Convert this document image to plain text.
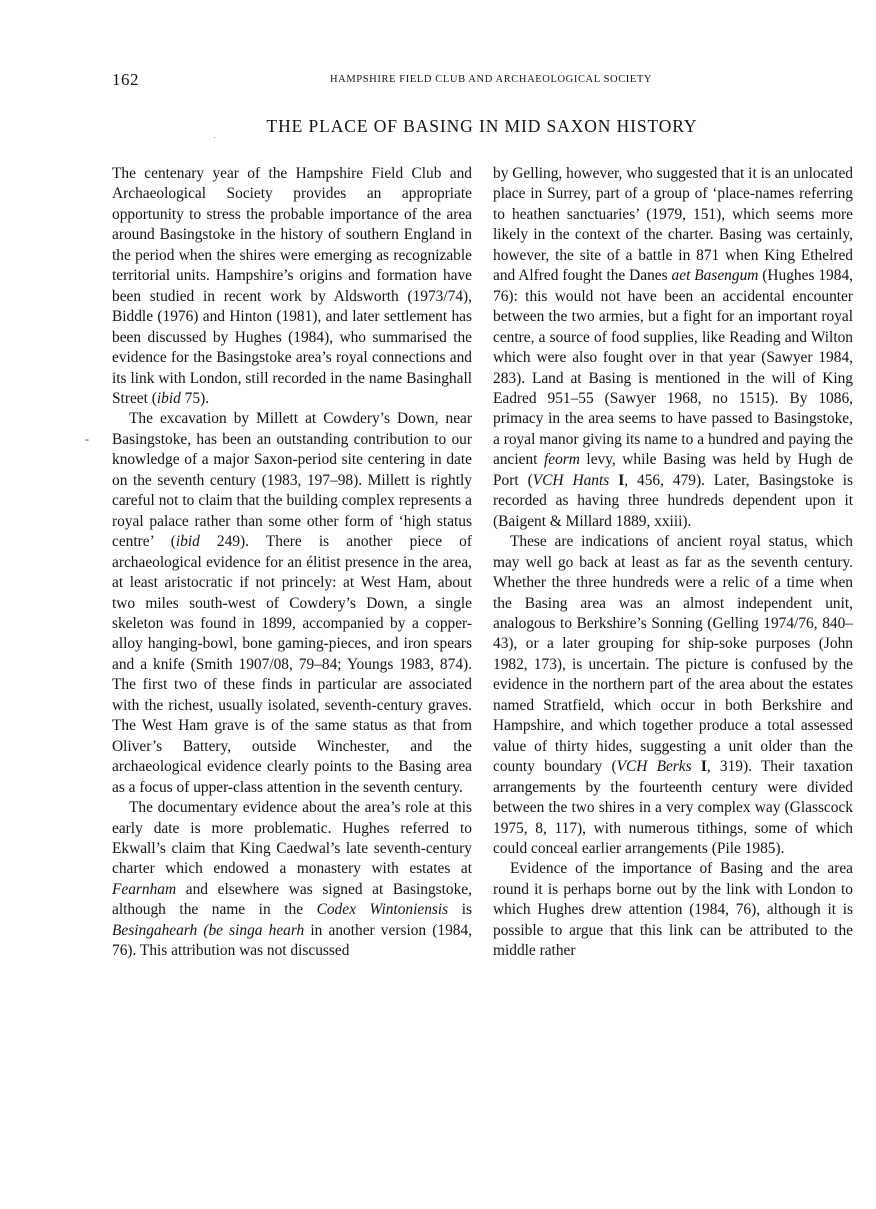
162	HAMPSHIRE FIELD CLUB AND ARCHAEOLOGICAL SOCIETY
THE PLACE OF BASING IN MID SAXON HISTORY
-

The centenary year of the Hampshire Field Club and Archaeological Society provides an appropriate opportunity to stress the probable importance of the area around Basingstoke in the history of southern England in the period when the shires were emerging as recognizable territorial units. Hampshire’s origins and formation have been studied in recent work by Aldsworth (1973/74), Biddle (1976) and Hinton (1981), and later settlement has been discussed by Hughes (1984), who summarised the evidence for the Basingstoke area’s royal connections and its link with London, still recorded in the name Basinghall Street (ibid 75).

The excavation by Millett at Cowdery’s Down, near Basingstoke, has been an outstanding contribution to our knowledge of a major Saxon-period site centering in date on the seventh century (1983, 197–98). Millett is rightly careful not to claim that the building complex represents a royal palace rather than some other form of ‘high status centre’ (ibid 249). There is another piece of archaeological evidence for an élitist presence in the area, at least aristocratic if not princely: at West Ham, about two miles south-west of Cowdery’s Down, a single skeleton was found in 1899, accompanied by a copper-alloy hanging-bowl, bone gaming-pieces, and iron spears and a knife (Smith 1907/08, 79–84; Youngs 1983, 874). The first two of these finds in particular are associated with the richest, usually isolated, seventh-century graves. The West Ham grave is of the same status as that from Oliver’s Battery, outside Winchester, and the archaeological evidence clearly points to the Basing area as a focus of upper-class attention in the seventh century.

The documentary evidence about the area’s role at this early date is more problematic. Hughes referred to Ekwall’s claim that King Caedwal’s late seventh-century charter which endowed a monastery with estates at Fearnham and elsewhere was signed at Basingstoke, although the name in the Codex Wintoniensis is Besingahearh (be singa hearh in another version (1984, 76). This attribution was not discussed

by Gelling, however, who suggested that it is an unlocated place in Surrey, part of a group of ‘place-names referring to heathen sanctuaries’ (1979, 151), which seems more likely in the context of the charter. Basing was certainly, however, the site of a battle in 871 when King Ethelred and Alfred fought the Danes aet Basengum (Hughes 1984, 76): this would not have been an accidental encounter between the two armies, but a fight for an important royal centre, a source of food supplies, like Reading and Wilton which were also fought over in that year (Sawyer 1984, 283). Land at Basing is mentioned in the will of King Eadred 951–55 (Sawyer 1968, no 1515). By 1086, primacy in the area seems to have passed to Basingstoke, a royal manor giving its name to a hundred and paying the ancient feorm levy, while Basing was held by Hugh de Port (VCH Hants I, 456, 479). Later, Basingstoke is recorded as having three hundreds dependent upon it (Baigent & Millard 1889, xxiii).

These are indications of ancient royal status, which may well go back at least as far as the seventh century. Whether the three hundreds were a relic of a time when the Basing area was an almost independent unit, analogous to Berkshire’s Sonning (Gelling 1974/76, 840–43), or a later grouping for ship-soke purposes (John 1982, 173), is uncertain. The picture is confused by the evidence in the northern part of the area about the estates named Stratfield, which occur in both Berkshire and Hampshire, and which together produce a total assessed value of thirty hides, suggesting a unit older than the county boundary (VCH Berks I, 319). Their taxation arrangements by the fourteenth century were divided between the two shires in a very complex way (Glasscock 1975, 8, 117), with numerous tithings, some of which could conceal earlier arrangements (Pile 1985).

Evidence of the importance of Basing and the area round it is perhaps borne out by the link with London to which Hughes drew attention (1984, 76), although it is possible to argue that this link can be attributed to the middle rather
